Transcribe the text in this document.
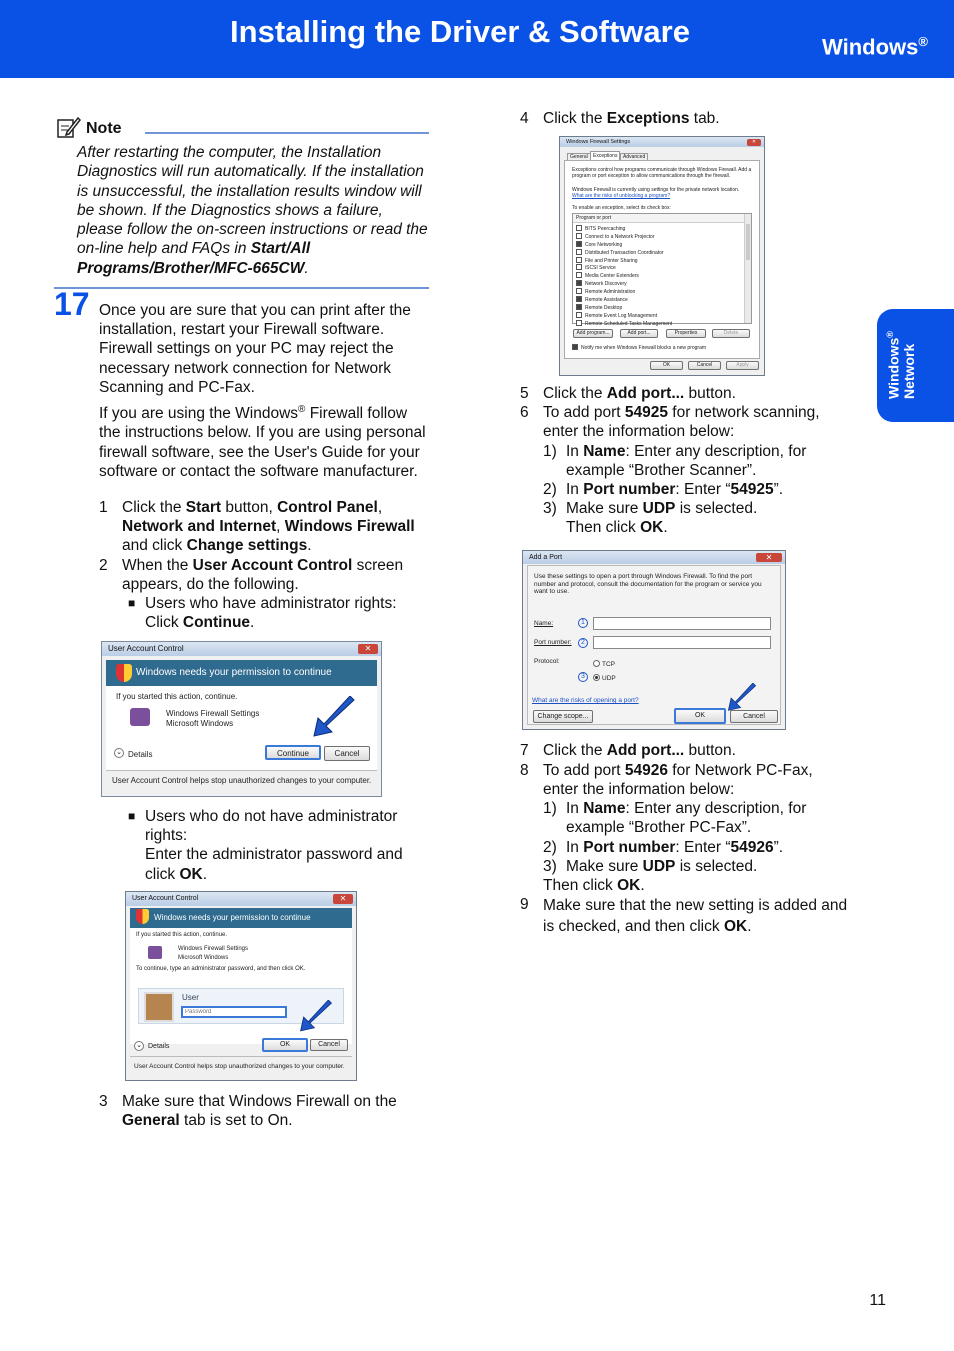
Installing the Driver & Software	Windows®
Windows®
Network
Note
After restarting the computer, the Installation Diagnostics will run automatically. If the installation is unsuccessful, the installation results window will be shown. If the Diagnostics shows a failure, please follow the on-screen instructions or read the on-line help and FAQs in Start/All Programs/Brother/MFC-665CW.
17 Once you are sure that you can print after the installation, restart your Firewall software. Firewall settings on your PC may reject the necessary network connection for Network Scanning and PC-Fax.
If you are using the Windows® Firewall follow the instructions below. If you are using personal firewall software, see the User's Guide for your software or contact the software manufacturer.
1 Click the Start button, Control Panel, Network and Internet, Windows Firewall and click Change settings.
2 When the User Account Control screen appears, do the following.
■ Users who have administrator rights: Click Continue.
User Account Control	✕
Windows needs your permission to continue
If you started this action, continue.
Windows Firewall Settings
Microsoft Windows
⌄ Details	Continue	Cancel
User Account Control helps stop unauthorized changes to your computer.
■ Users who do not have administrator rights:
Enter the administrator password and click OK.
User Account Control	✕
Windows needs your permission to continue
If you started this action, continue.
Windows Firewall Settings
Microsoft Windows
To continue, type an administrator password, and then click OK.
User
Password
⌄ Details	OK	Cancel
User Account Control helps stop unauthorized changes to your computer.
3 Make sure that Windows Firewall on the General tab is set to On.
4 Click the Exceptions tab.
Windows Firewall Settings	✕
General	Exceptions	Advanced
Exceptions control how programs communicate through Windows Firewall. Add a program or port exception to allow communications through the firewall.
Windows Firewall is currently using settings for the private network location.
What are the risks of unblocking a program?
To enable an exception, select its check box:
Program or port
BITS Peercaching
Connect to a Network Projector
Core Networking
Distributed Transaction Coordinator
File and Printer Sharing
iSCSI Service
Media Center Extenders
Network Discovery
Remote Administration
Remote Assistance
Remote Desktop
Remote Event Log Management
Remote Scheduled Tasks Management
Add program...	Add port...	Properties	Delete
Notify me when Windows Firewall blocks a new program
OK	Cancel	Apply
5 Click the Add port... button.
6 To add port 54925 for network scanning, enter the information below:
1) In Name: Enter any description, for example “Brother Scanner”.
2) In Port number: Enter “54925”.
3) Make sure UDP is selected.
Then click OK.
Add a Port	✕
Use these settings to open a port through Windows Firewall. To find the port number and protocol, consult the documentation for the program or service you want to use.
Name:	1
Port number:	2
Protocol:	TCP
3	UDP
What are the risks of opening a port?
Change scope...	OK	Cancel
7 Click the Add port... button.
8 To add port 54926 for Network PC-Fax, enter the information below:
1) In Name: Enter any description, for example “Brother PC-Fax”.
2) In Port number: Enter “54926”.
3) Make sure UDP is selected.
Then click OK.
9 Make sure that the new setting is added and is checked, and then click OK.
11
